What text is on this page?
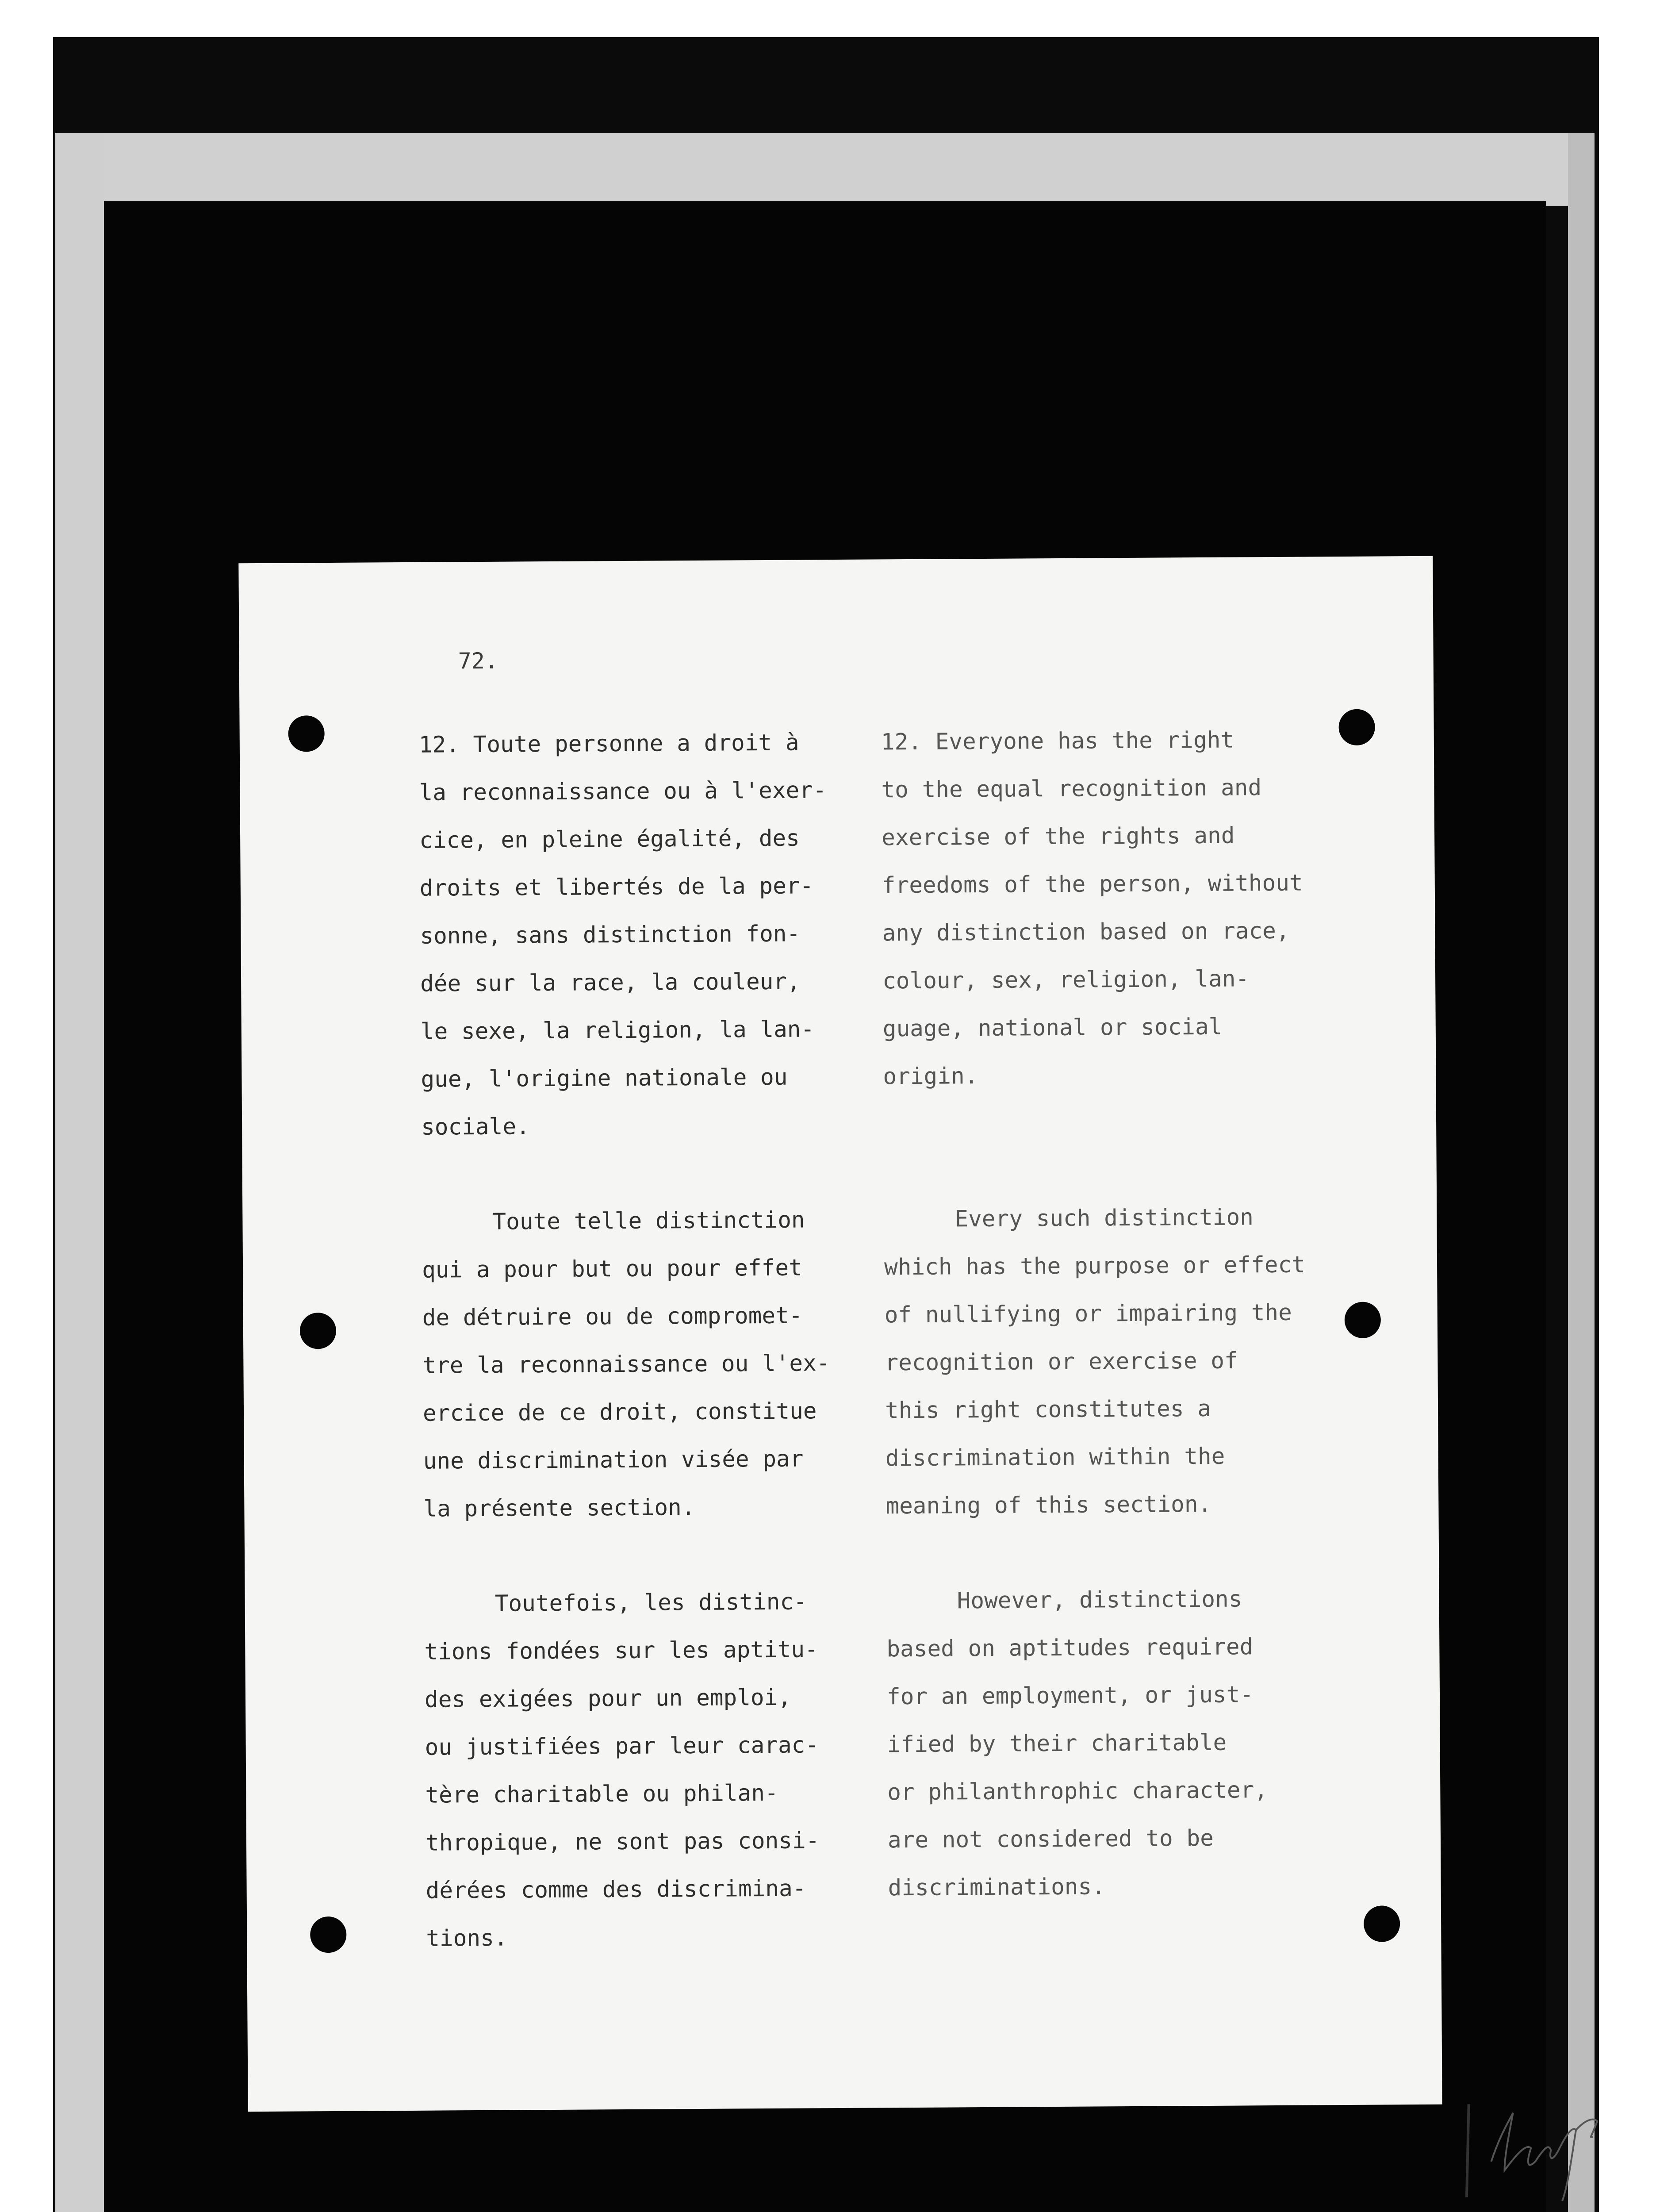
72.
12. Toute personne a droit à
la reconnaissance ou à l'exer-
cice, en pleine égalité, des
droits et libertés de la per-
sonne, sans distinction fon-
dée sur la race, la couleur,
le sexe, la religion, la lan-
gue, l'origine nationale ou
sociale.
Toute telle distinction
qui a pour but ou pour effet
de détruire ou de compromet-
tre la reconnaissance ou l'ex-
ercice de ce droit, constitue
une discrimination visée par
la présente section.
Toutefois, les distinc-
tions fondées sur les aptitu-
des exigées pour un emploi,
ou justifiées par leur carac-
tère charitable ou philan-
thropique, ne sont pas consi-
dérées comme des discrimina-
tions.
12. Everyone has the right
to the equal recognition and
exercise of the rights and
freedoms of the person, without
any distinction based on race,
colour, sex, religion, lan-
guage, national or social
origin.
Every such distinction
which has the purpose or effect
of nullifying or impairing the
recognition or exercise of
this right constitutes a
discrimination within the
meaning of this section.
However, distinctions
based on aptitudes required
for an employment, or just-
ified by their charitable
or philanthrophic character,
are not considered to be
discriminations.
